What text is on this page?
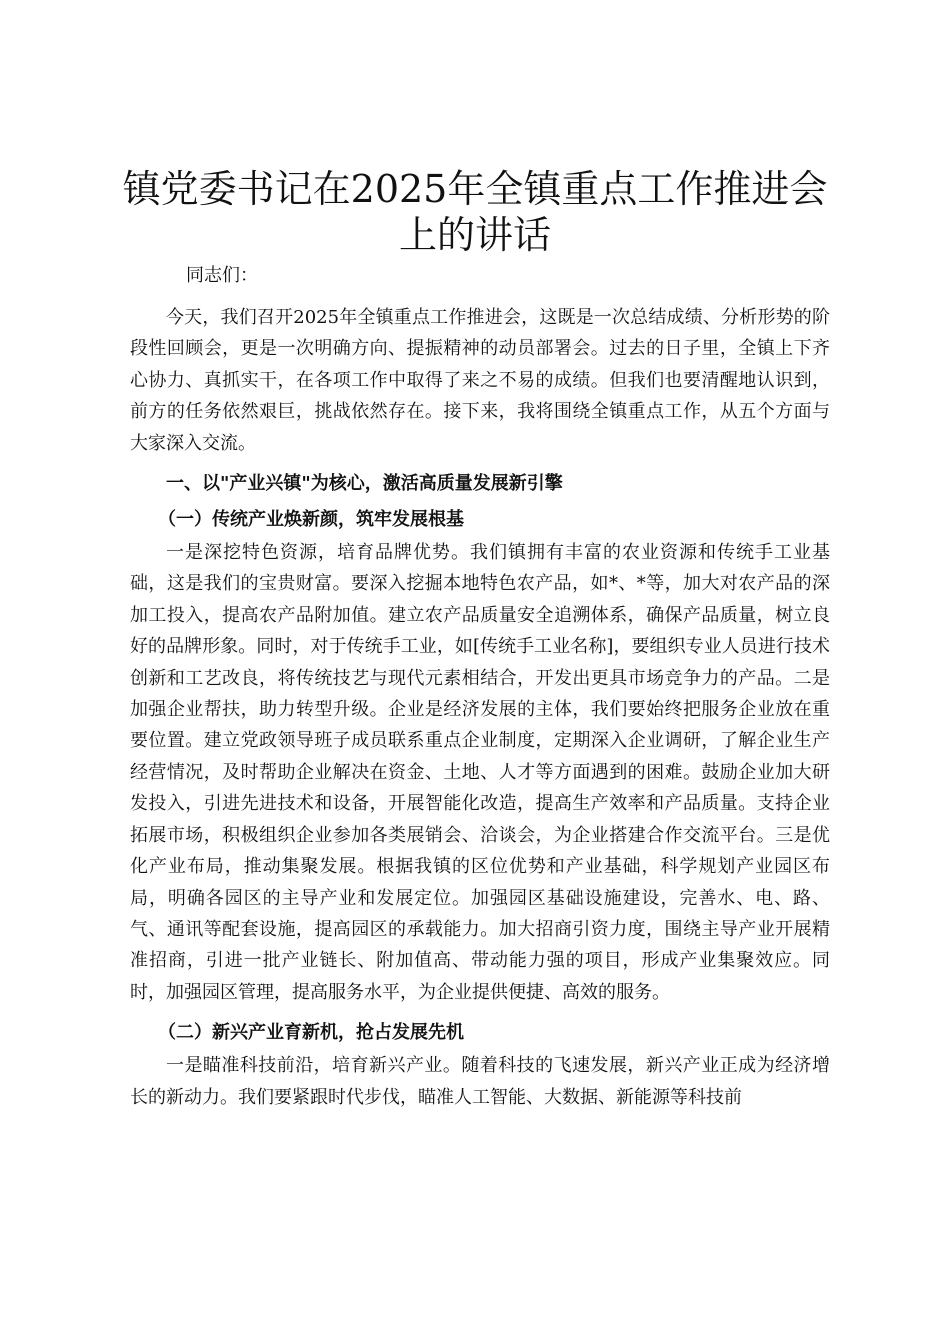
镇党委书记在2025年全镇重点工作推进会上的讲话

同志们：

今天，我们召开2025年全镇重点工作推进会，这既是一次总结成绩、分析形势的阶段性回顾会，更是一次明确方向、提振精神的动员部署会。过去的日子里，全镇上下齐心协力、真抓实干，在各项工作中取得了来之不易的成绩。但我们也要清醒地认识到，前方的任务依然艰巨，挑战依然存在。接下来，我将围绕全镇重点工作，从五个方面与大家深入交流。

一、以"产业兴镇"为核心，激活高质量发展新引擎

（一）传统产业焕新颜，筑牢发展根基

一是深挖特色资源，培育品牌优势。我们镇拥有丰富的农业资源和传统手工业基础，这是我们的宝贵财富。要深入挖掘本地特色农产品，如*、*等，加大对农产品的深加工投入，提高农产品附加值。建立农产品质量安全追溯体系，确保产品质量，树立良好的品牌形象。同时，对于传统手工业，如[传统手工业名称]，要组织专业人员进行技术创新和工艺改良，将传统技艺与现代元素相结合，开发出更具市场竞争力的产品。二是加强企业帮扶，助力转型升级。企业是经济发展的主体，我们要始终把服务企业放在重要位置。建立党政领导班子成员联系重点企业制度，定期深入企业调研，了解企业生产经营情况，及时帮助企业解决在资金、土地、人才等方面遇到的困难。鼓励企业加大研发投入，引进先进技术和设备，开展智能化改造，提高生产效率和产品质量。支持企业拓展市场，积极组织企业参加各类展销会、洽谈会，为企业搭建合作交流平台。三是优化产业布局，推动集聚发展。根据我镇的区位优势和产业基础，科学规划产业园区布局，明确各园区的主导产业和发展定位。加强园区基础设施建设，完善水、电、路、气、通讯等配套设施，提高园区的承载能力。加大招商引资力度，围绕主导产业开展精准招商，引进一批产业链长、附加值高、带动能力强的项目，形成产业集聚效应。同时，加强园区管理，提高服务水平，为企业提供便捷、高效的服务。

（二）新兴产业育新机，抢占发展先机

一是瞄准科技前沿，培育新兴产业。随着科技的飞速发展，新兴产业正成为经济增长的新动力。我们要紧跟时代步伐，瞄准人工智能、大数据、新能源等科技前
